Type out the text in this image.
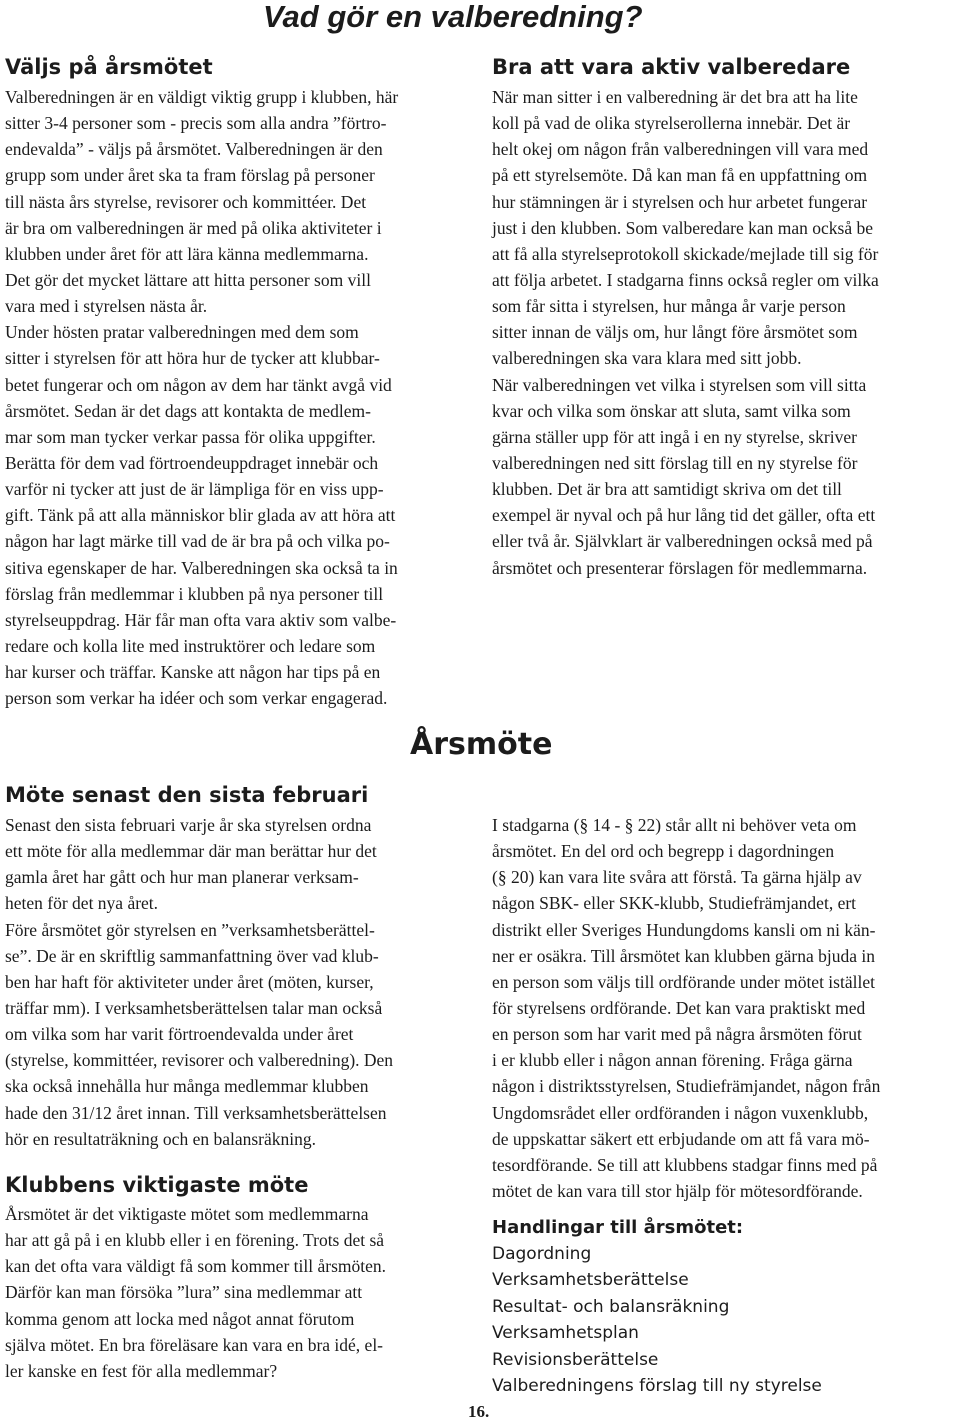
Vad gör en valberedning?
Väljs på årsmötet
Valberedningen är en väldigt viktig grupp i klubben, här
sitter 3-4 personer som - precis som alla andra ”förtro-
endevalda” - väljs på årsmötet. Valberedningen är den
grupp som under året ska ta fram förslag på personer
till nästa års styrelse, revisorer och kommittéer. Det
är bra om valberedningen är med på olika aktiviteter i
klubben under året för att lära känna medlemmarna.
Det gör det mycket lättare att hitta personer som vill
vara med i styrelsen nästa år.
Under hösten pratar valberedningen med dem som
sitter i styrelsen för att höra hur de tycker att klubbar-
betet fungerar och om någon av dem har tänkt avgå vid
årsmötet. Sedan är det dags att kontakta de medlem-
mar som man tycker verkar passa för olika uppgifter.
Berätta för dem vad förtroendeuppdraget innebär och
varför ni tycker att just de är lämpliga för en viss upp-
gift. Tänk på att alla människor blir glada av att höra att
någon har lagt märke till vad de är bra på och vilka po-
sitiva egenskaper de har. Valberedningen ska också ta in
förslag från medlemmar i klubben på nya personer till
styrelseuppdrag. Här får man ofta vara aktiv som valbe-
redare och kolla lite med instruktörer och ledare som
har kurser och träffar. Kanske att någon har tips på en
person som verkar ha idéer och som verkar engagerad.
Bra att vara aktiv valberedare
När man sitter i en valberedning är det bra att ha lite
koll på vad de olika styrelserollerna innebär. Det är
helt okej om någon från valberedningen vill vara med
på ett styrelsemöte. Då kan man få en uppfattning om
hur stämningen är i styrelsen och hur arbetet fungerar
just i den klubben. Som valberedare kan man också be
att få alla styrelseprotokoll skickade/mejlade till sig för
att följa arbetet. I stadgarna finns också regler om vilka
som får sitta i styrelsen, hur många år varje person
sitter innan de väljs om, hur långt före årsmötet som
valberedningen ska vara klara med sitt jobb.
När valberedningen vet vilka i styrelsen som vill sitta
kvar och vilka som önskar att sluta, samt vilka som
gärna ställer upp för att ingå i en ny styrelse, skriver
valberedningen ned sitt förslag till en ny styrelse för
klubben. Det är bra att samtidigt skriva om det till
exempel är nyval och på hur lång tid det gäller, ofta ett
eller två år. Självklart är valberedningen också med på
årsmötet och presenterar förslagen för medlemmarna.
Årsmöte
Möte senast den sista februari
Senast den sista februari varje år ska styrelsen ordna
ett möte för alla medlemmar där man berättar hur det
gamla året har gått och hur man planerar verksam-
heten för det nya året.
Före årsmötet gör styrelsen en ”verksamhetsberättel-
se”. De är en skriftlig sammanfattning över vad klub-
ben har haft för aktiviteter under året (möten, kurser,
träffar mm). I verksamhetsberättelsen talar man också
om vilka som har varit förtroendevalda under året
(styrelse, kommittéer, revisorer och valberedning). Den
ska också innehålla hur många medlemmar klubben
hade den 31/12 året innan. Till verksamhetsberättelsen
hör en resultaträkning och en balansräkning.
Klubbens viktigaste möte
Årsmötet är det viktigaste mötet som medlemmarna
har att gå på i en klubb eller i en förening. Trots det så
kan det ofta vara väldigt få som kommer till årsmöten.
Därför kan man försöka ”lura” sina medlemmar att
komma genom att locka med något annat förutom
själva mötet. En bra föreläsare kan vara en bra idé, el-
ler kanske en fest för alla medlemmar?
I stadgarna (§ 14 - § 22) står allt ni behöver veta om
årsmötet. En del ord och begrepp i dagordningen
(§ 20) kan vara lite svåra att förstå. Ta gärna hjälp av
någon SBK- eller SKK-klubb, Studiefrämjandet, ert
distrikt eller Sveriges Hundungdoms kansli om ni kän-
ner er osäkra. Till årsmötet kan klubben gärna bjuda in
en person som väljs till ordförande under mötet istället
för styrelsens ordförande. Det kan vara praktiskt med
en person som har varit med på några årsmöten förut
i er klubb eller i någon annan förening. Fråga gärna
någon i distriktsstyrelsen, Studiefrämjandet, någon från
Ungdomsrådet eller ordföranden i någon vuxenklubb,
de uppskattar säkert ett erbjudande om att få vara mö-
tesordförande. Se till att klubbens stadgar finns med på
mötet de kan vara till stor hjälp för mötesordförande.
Handlingar till årsmötet:
Dagordning
Verksamhetsberättelse
Resultat- och balansräkning
Verksamhetsplan
Revisionsberättelse
Valberedningens förslag till ny styrelse
16.
